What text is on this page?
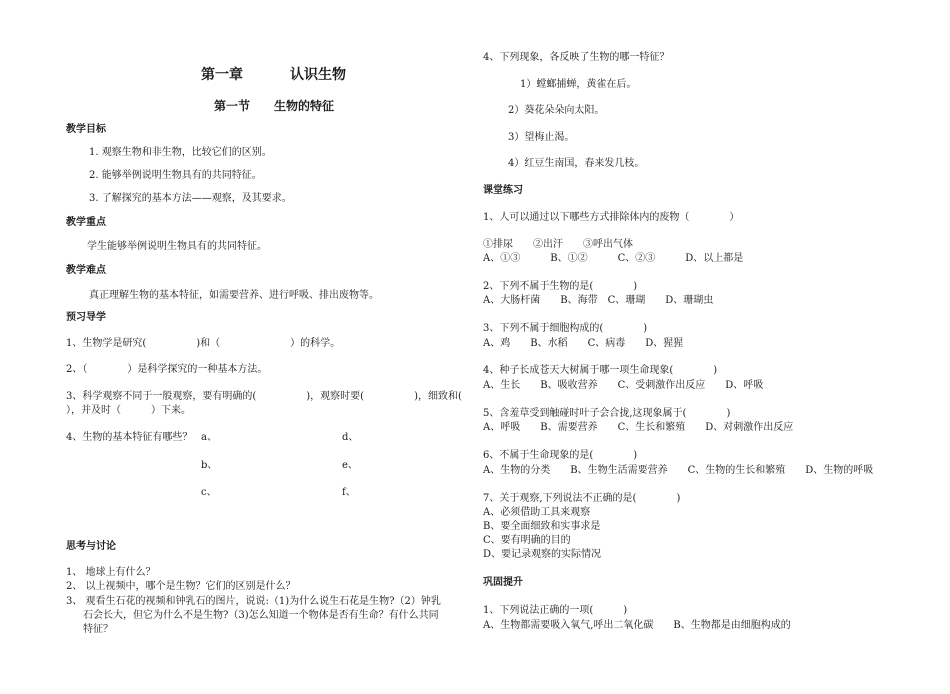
第一章	认识生物
第一节 生物的特征
教学目标
1. 观察生物和非生物，比较它们的区别。
2. 能够举例说明生物具有的共同特征。
3. 了解探究的基本方法——观察，及其要求。
教学重点
学生能够举例说明生物具有的共同特征。
教学难点
真正理解生物的基本特征，如需要营养、进行呼吸、排出废物等。
预习导学
1、生物学是研究(　　　　　)和（　　　　　　　）的科学。
2、（　　　　）是科学探究的一种基本方法。
3、科学观察不同于一般观察，要有明确的(　　　　　)，观察时要(　　　　　)，细致和(
），并及时（　　　）下来。
4、生物的基本特征有哪些？ a、	d、
b、	e、
c、	f、
思考与讨论
1、 地球上有什么？
2、 以上视频中，哪个是生物？它们的区别是什么？
3、 观看生石花的视频和钟乳石的图片，说说:（1)为什么说生石花是生物?（2）钟乳
石会长大，但它为什么不是生物?（3)怎么知道一个物体是否有生命？有什么共同
特征？
4、下列现象，各反映了生物的哪一特征？
1）螳螂捕蝉，黄雀在后。
2）葵花朵朵向太阳。
3）望梅止渴。
4）红豆生南国，春来发几枝。
课堂练习
1、人可以通过以下哪些方式排除体内的废物（　　　　）
①排尿　　②出汗　　③呼出气体
A、①③　　　B、①②　　　C、②③　　　D、以上都是
2、下列不属于生物的是(　　　　)
A、大肠杆菌　　B、海带　C、珊瑚　　D、珊瑚虫
3、下列不属于细胞构成的(　　　　)
A、鸡　　B、水稻　　C、病毒　　D、猩猩
4、种子长成苍天大树属于哪一项生命现象(　　　　)
A、生长　　B、吸收营养　　C、受刺激作出反应　　D、呼吸
5、含羞草受到触碰时叶子会合拢,这现象属于(　　　　)
A、呼吸　　B、需要营养　　C、生长和繁殖　　D、对刺激作出反应
6、不属于生命现象的是(　　　　)
A、生物的分类　　B、生物生活需要营养　　C、生物的生长和繁殖　　D、生物的呼吸
7、关于观察,下列说法不正确的是(　　　　)
A、必须借助工具来观察
B、要全面细致和实事求是
C、要有明确的目的
D、要记录观察的实际情况
巩固提升
1、下列说法正确的一项(　　　)
A、生物都需要吸入氧气,呼出二氧化碳　　B、生物都是由细胞构成的
